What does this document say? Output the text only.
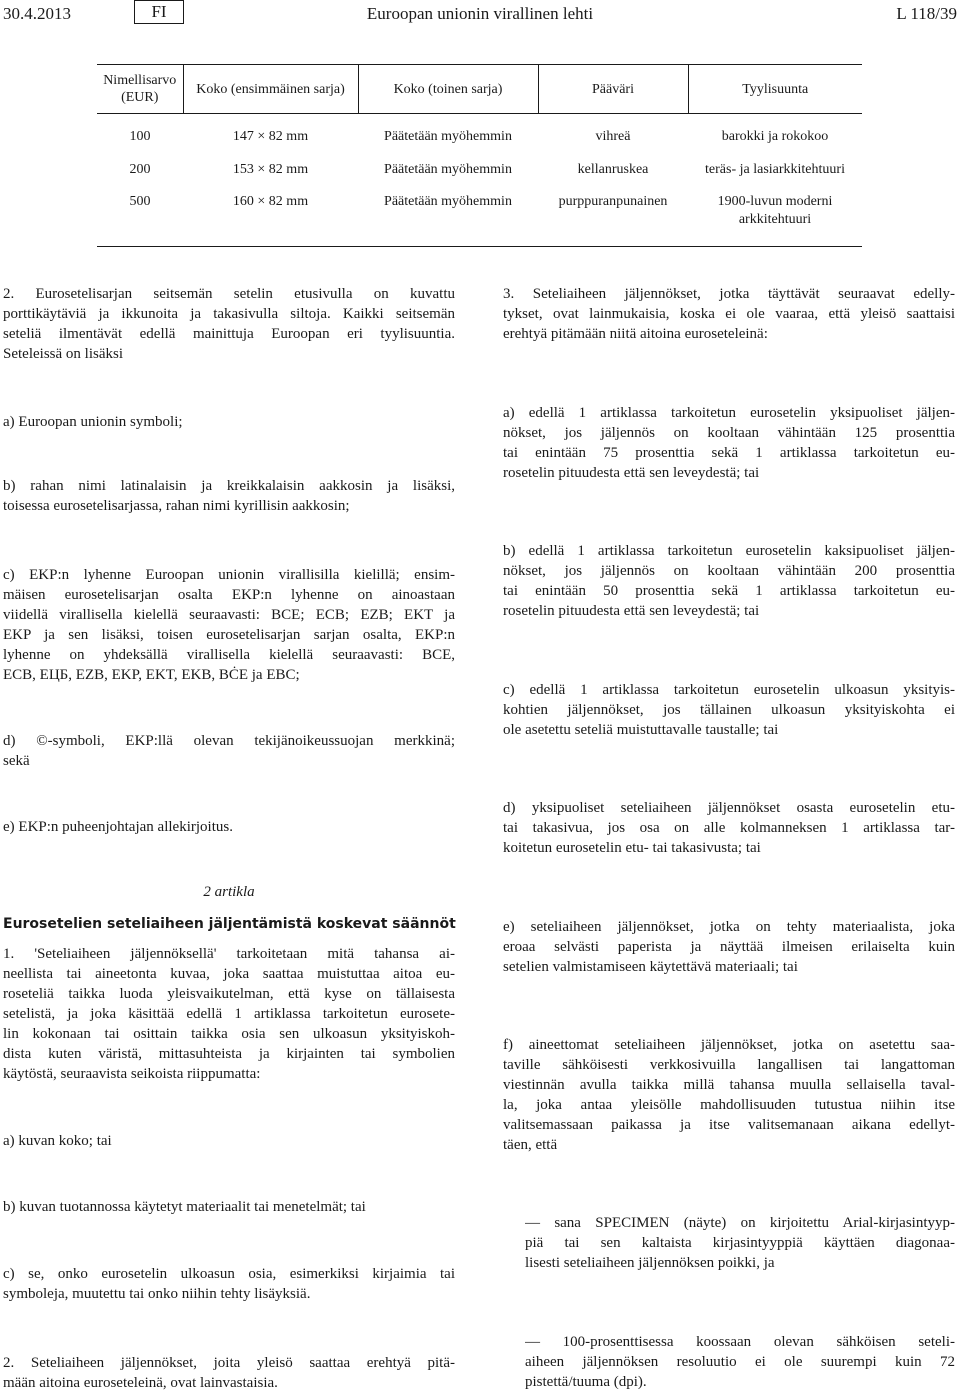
30.4.2013	FI	Euroopan unionin virallinen lehti	L 118/39
Nimellisarvo
(EUR)	Koko (ensimmäinen sarja)	Koko (toinen sarja)	Pääväri	Tyylisuunta
100	147 × 82 mm	Päätetään myöhemmin	vihreä	barokki ja rokokoo
200	153 × 82 mm	Päätetään myöhemmin	kellanruskea	teräs- ja lasiarkkitehtuuri
500	160 × 82 mm	Päätetään myöhemmin	purppuranpunainen	1900-luvun moderni
arkkitehtuuri
2. Eurosetelisarjan seitsemän setelin etusivulla on kuvattu
porttikäytäviä ja ikkunoita ja takasivulla siltoja. Kaikki seitsemän
seteliä ilmentävät edellä mainittuja Euroopan eri tyylisuuntia.
Seteleissä on lisäksi
a) Euroopan unionin symboli;
b) rahan nimi latinalaisin ja kreikkalaisin aakkosin ja lisäksi,
toisessa eurosetelisarjassa, rahan nimi kyrillisin aakkosin;
c) EKP:n lyhenne Euroopan unionin virallisilla kielillä; ensim-
mäisen eurosetelisarjan osalta EKP:n lyhenne on ainoastaan
viidellä virallisella kielellä seuraavasti: BCE; ECB; EZB; EKT ja
EKP ja sen lisäksi, toisen eurosetelisarjan sarjan osalta, EKP:n
lyhenne on yhdeksällä virallisella kielellä seuraavasti: BCE,
ECB, ЕЦБ, EZB, EKP, EKT, EKB, BĊE ja EBC;
d) ©-symboli, EKP:llä olevan tekijänoikeussuojan merkkinä;
sekä
e) EKP:n puheenjohtajan allekirjoitus.
2 artikla
Eurosetelien seteliaiheen jäljentämistä koskevat säännöt
1. 'Seteliaiheen jäljennöksellä' tarkoitetaan mitä tahansa ai-
neellista tai aineetonta kuvaa, joka saattaa muistuttaa aitoa eu-
roseteliä taikka luoda yleisvaikutelman, että kyse on tällaisesta
setelistä, ja joka käsittää edellä 1 artiklassa tarkoitetun eurosete-
lin kokonaan tai osittain taikka osia sen ulkoasun yksityiskoh-
dista kuten väristä, mittasuhteista ja kirjainten tai symbolien
käytöstä, seuraavista seikoista riippumatta:
a) kuvan koko; tai
b) kuvan tuotannossa käytetyt materiaalit tai menetelmät; tai
c) se, onko eurosetelin ulkoasun osia, esimerkiksi kirjaimia tai
symboleja, muutettu tai onko niihin tehty lisäyksiä.
2. Seteliaiheen jäljennökset, joita yleisö saattaa erehtyä pitä-
mään aitoina euroseteleinä, ovat lainvastaisia.
3. Seteliaiheen jäljennökset, jotka täyttävät seuraavat edelly-
tykset, ovat lainmukaisia, koska ei ole vaaraa, että yleisö saattaisi
erehtyä pitämään niitä aitoina euroseteleinä:
a) edellä 1 artiklassa tarkoitetun eurosetelin yksipuoliset jäljen-
nökset, jos jäljennös on kooltaan vähintään 125 prosenttia
tai enintään 75 prosenttia sekä 1 artiklassa tarkoitetun eu-
rosetelin pituudesta että sen leveydestä; tai
b) edellä 1 artiklassa tarkoitetun eurosetelin kaksipuoliset jäljen-
nökset, jos jäljennös on kooltaan vähintään 200 prosenttia
tai enintään 50 prosenttia sekä 1 artiklassa tarkoitetun eu-
rosetelin pituudesta että sen leveydestä; tai
c) edellä 1 artiklassa tarkoitetun eurosetelin ulkoasun yksityis-
kohtien jäljennökset, jos tällainen ulkoasun yksityiskohta ei
ole asetettu seteliä muistuttavalle taustalle; tai
d) yksipuoliset seteliaiheen jäljennökset osasta eurosetelin etu-
tai takasivua, jos osa on alle kolmanneksen 1 artiklassa tar-
koitetun eurosetelin etu- tai takasivusta; tai
e) seteliaiheen jäljennökset, jotka on tehty materiaalista, joka
eroaa selvästi paperista ja näyttää ilmeisen erilaiselta kuin
setelien valmistamiseen käytettävä materiaali; tai
f) aineettomat seteliaiheen jäljennökset, jotka on asetettu saa-
taville sähköisesti verkkosivuilla langallisen tai langattoman
viestinnän avulla taikka millä tahansa muulla sellaisella taval-
la, joka antaa yleisölle mahdollisuuden tutustua niihin itse
valitsemassaan paikassa ja itse valitsemanaan aikana edellyt-
täen, että
— sana SPECIMEN (näyte) on kirjoitettu Arial-kirjasintyyp-
piä tai sen kaltaista kirjasintyyppiä käyttäen diagonaa-
lisesti seteliaiheen jäljennöksen poikki, ja
— 100-prosenttisessa koossaan olevan sähköisen seteli-
aiheen jäljennöksen resoluutio ei ole suurempi kuin 72
pistettä/tuuma (dpi).
